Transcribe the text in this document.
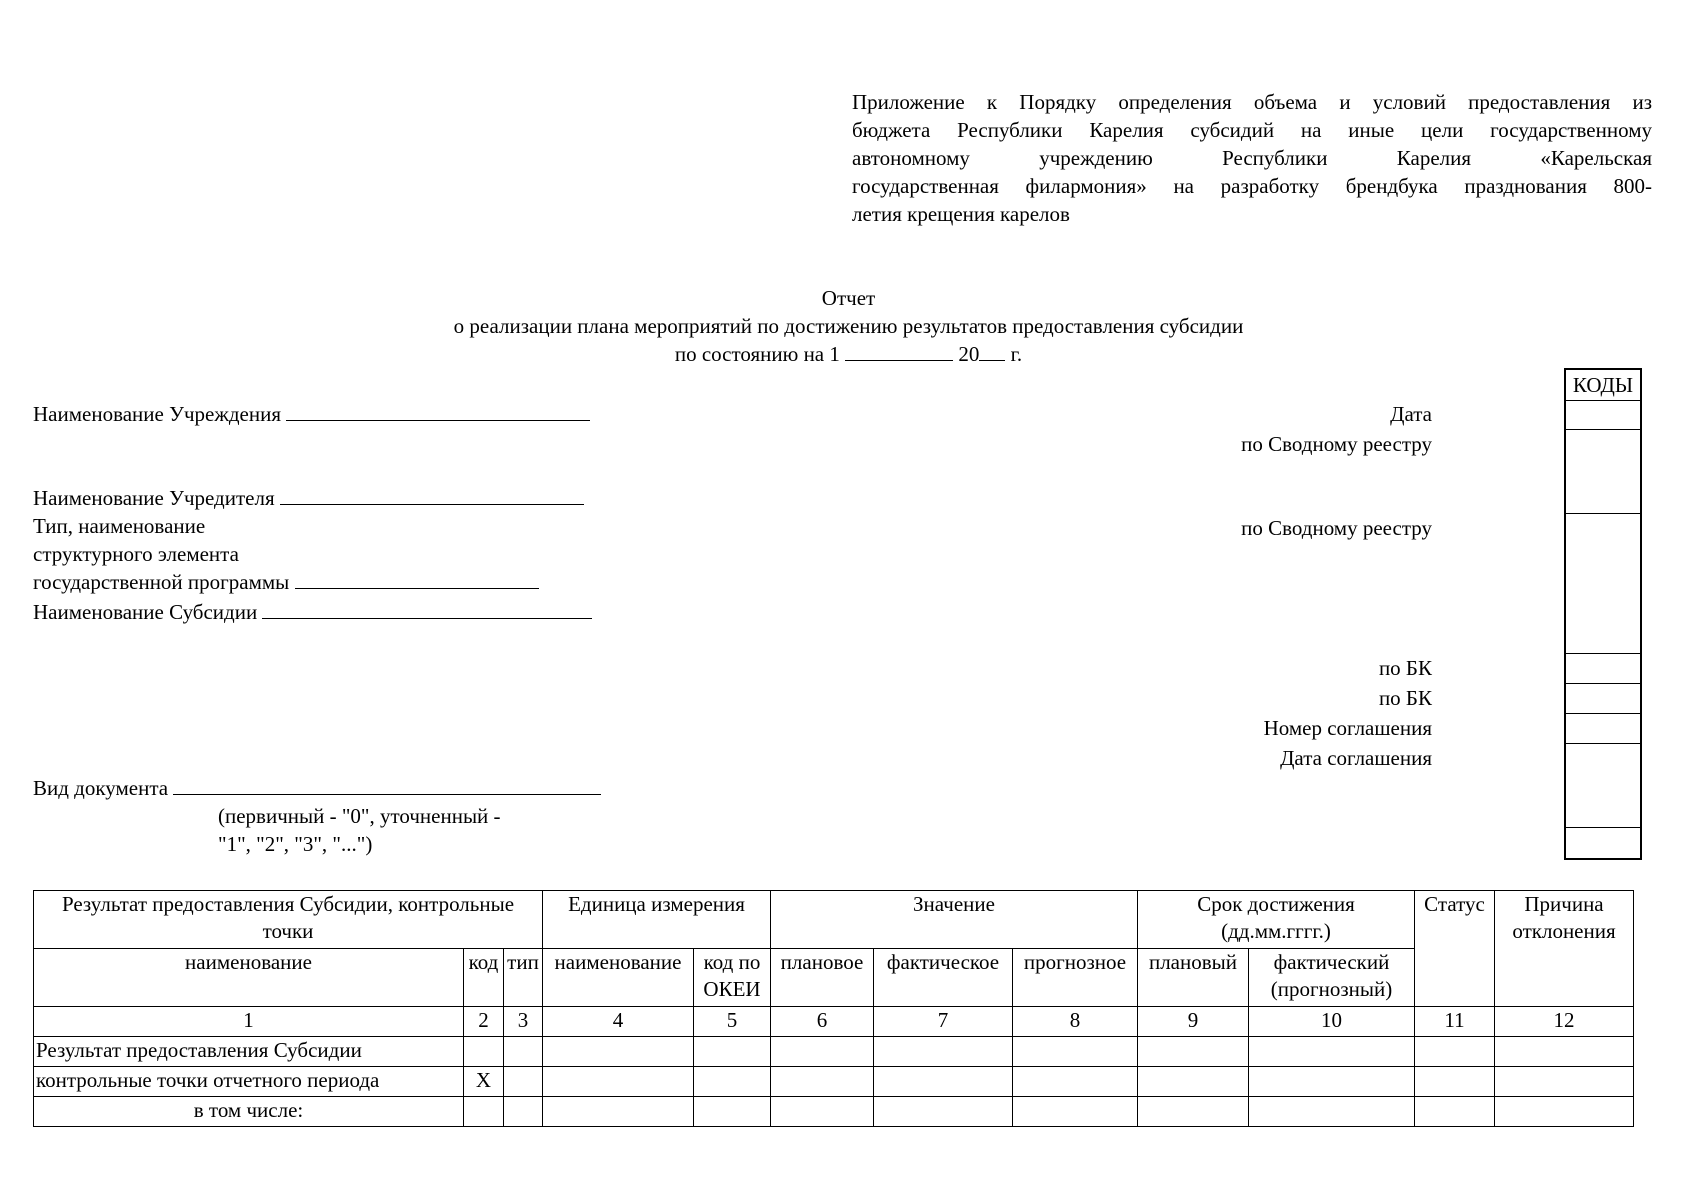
Приложение к Порядку определения объема и условий предоставления из
бюджета Республики Карелия субсидий на иные цели государственному
автономному учреждению Республики Карелия «Карельская
государственная филармония» на разработку брендбука празднования 800-
летия крещения карелов
Отчет
о реализации плана мероприятий по достижению результатов предоставления субсидии
по состоянию на 1	20 г.
Наименование Учреждения
Наименование Учредителя
Тип, наименование
структурного элемента
государственной программы
Наименование Субсидии
Вид документа
(первичный - "0", уточненный -
"1", "2", "3", "...")
Дата
по Сводному реестру
по Сводному реестру
по БК
по БК
Номер соглашения
Дата соглашения
КОДЫ
Результат предоставления Субсидии, контрольные точки			Единица измерения		Значение			Срок достижения (дд.мм.гггг.)		Статус	Причина отклонения
наименование	код	тип	наименование	код по ОКЕИ	плановое	фактическое	прогнозное	плановый	фактический (прогнозный)		
1	2	3	4	5	6	7	8	9	10	11	12
Результат предоставления Субсидии											
контрольные точки отчетного периода	X										
в том числе:											
